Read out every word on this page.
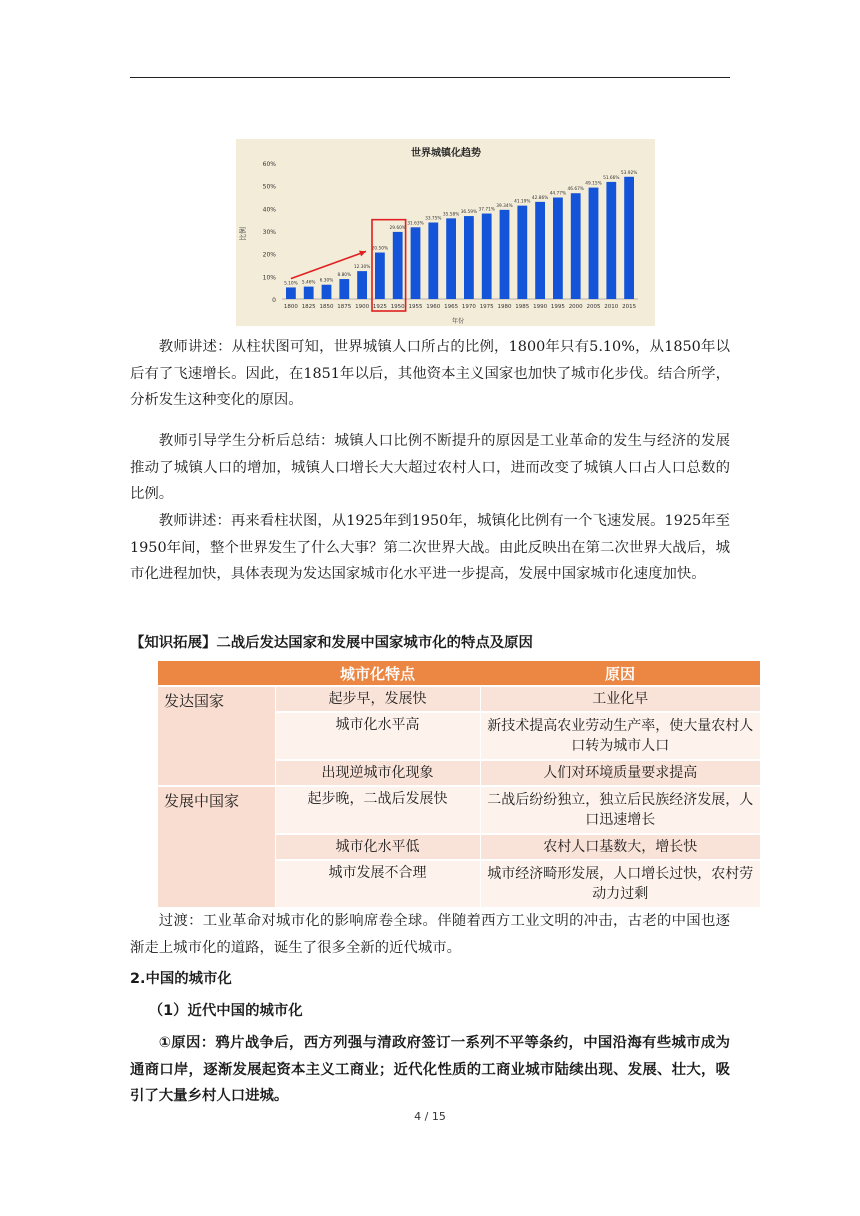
世界城镇化趋势
比例
年份
0
10%
20%
30%
40%
50%
60%
5.10%
1800
5.46%
1825
6.30%
1850
8.80%
1875
12.30%
1900
20.50%
1925
29.60%
1950
31.63%
1955
33.75%
1960
35.58%
1965
36.59%
1970
37.71%
1975
39.34%
1980
41.19%
1985
42.86%
1990
44.77%
1995
46.67%
2000
49.15%
2005
51.66%
2010
53.92%
2015

教师讲述：从柱状图可知，世界城镇人口所占的比例，1800年只有5.10%，从1850年以后有了飞速增长。因此，在1851年以后，其他资本主义国家也加快了城市化步伐。结合所学，分析发生这种变化的原因。

教师引导学生分析后总结：城镇人口比例不断提升的原因是工业革命的发生与经济的发展推动了城镇人口的增加，城镇人口增长大大超过农村人口，进而改变了城镇人口占人口总数的比例。

教师讲述：再来看柱状图，从1925年到1950年，城镇化比例有一个飞速发展。1925年至1950年间，整个世界发生了什么大事？第二次世界大战。由此反映出在第二次世界大战后，城市化进程加快，具体表现为发达国家城市化水平进一步提高，发展中国家城市化速度加快。

【知识拓展】二战后发达国家和发展中国家城市化的特点及原因

	城市化特点	原因
发达国家	起步早，发展快	工业化早
	城市化水平高	新技术提高农业劳动生产率，使大量农村人口转为城市人口
	出现逆城市化现象	人们对环境质量要求提高
发展中国家	起步晚，二战后发展快	二战后纷纷独立，独立后民族经济发展，人口迅速增长
	城市化水平低	农村人口基数大，增长快
	城市发展不合理	城市经济畸形发展，人口增长过快，农村劳动力过剩

过渡：工业革命对城市化的影响席卷全球。伴随着西方工业文明的冲击，古老的中国也逐渐走上城市化的道路，诞生了很多全新的近代城市。

2.中国的城市化

（1）近代中国的城市化

①原因：鸦片战争后，西方列强与清政府签订一系列不平等条约，中国沿海有些城市成为通商口岸，逐渐发展起资本主义工商业；近代化性质的工商业城市陆续出现、发展、壮大，吸引了大量乡村人口进城。

4 / 15
